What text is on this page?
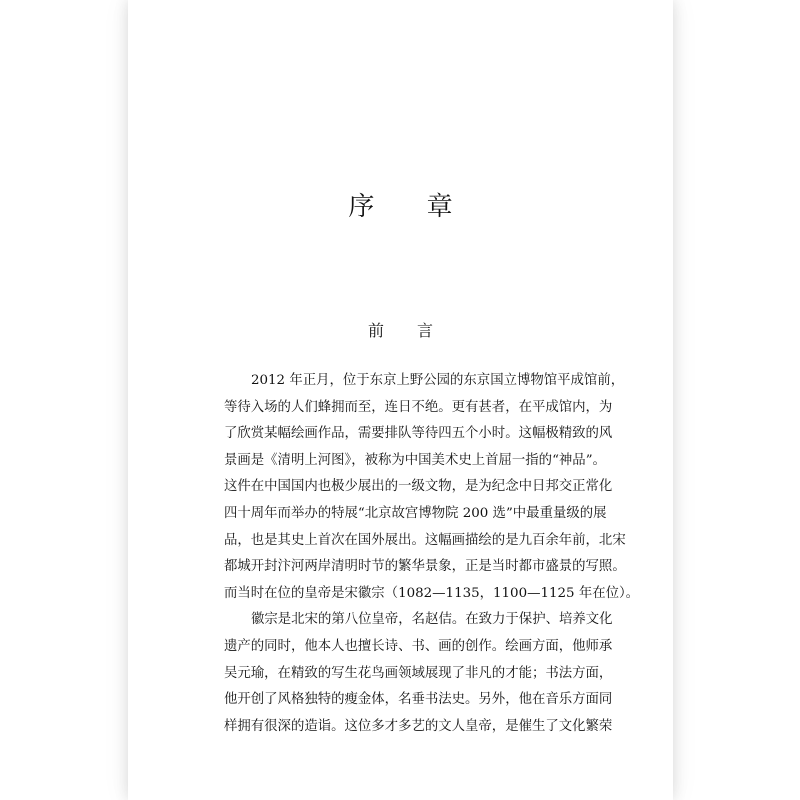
序 章
前 言
2012 年正月，位于东京上野公园的东京国立博物馆平成馆前，
等待入场的人们蜂拥而至，连日不绝。更有甚者，在平成馆内，为
了欣赏某幅绘画作品，需要排队等待四五个小时。这幅极精致的风
景画是《清明上河图》，被称为中国美术史上首屈一指的“神品”。
这件在中国国内也极少展出的一级文物，是为纪念中日邦交正常化
四十周年而举办的特展“北京故宫博物院 200 选”中最重量级的展
品，也是其史上首次在国外展出。这幅画描绘的是九百余年前，北宋
都城开封汴河两岸清明时节的繁华景象，正是当时都市盛景的写照。
而当时在位的皇帝是宋徽宗（1082—1135，1100—1125 年在位）。
徽宗是北宋的第八位皇帝，名赵佶。在致力于保护、培养文化
遗产的同时，他本人也擅长诗、书、画的创作。绘画方面，他师承
吴元瑜，在精致的写生花鸟画领域展现了非凡的才能；书法方面，
他开创了风格独特的瘦金体，名垂书法史。另外，他在音乐方面同
样拥有很深的造诣。这位多才多艺的文人皇帝，是催生了文化繁荣
